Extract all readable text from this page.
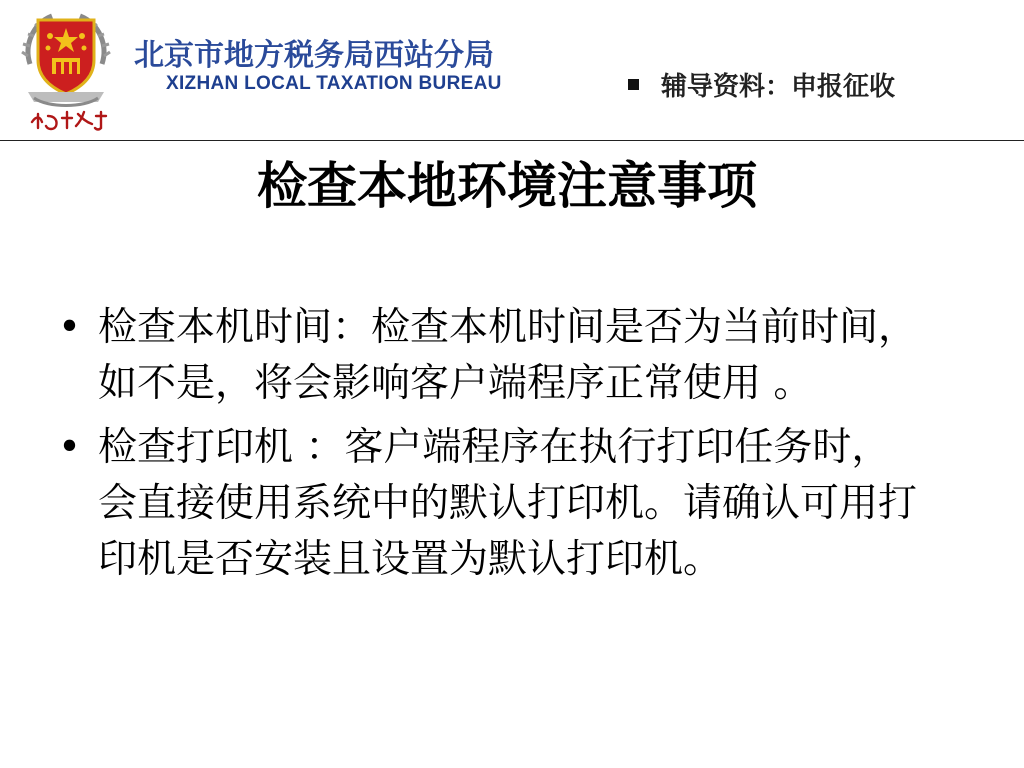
北京市地方税务局西站分局
XIZHAN LOCAL TAXATION BUREAU	辅导资料：申报征收
检查本地环境注意事项
• 检查本机时间：检查本机时间是否为当前时间，如不是，将会影响客户端程序正常使用 。
• 检查打印机 ：客户端程序在执行打印任务时，会直接使用系统中的默认打印机。请确认可用打印机是否安装且设置为默认打印机。
